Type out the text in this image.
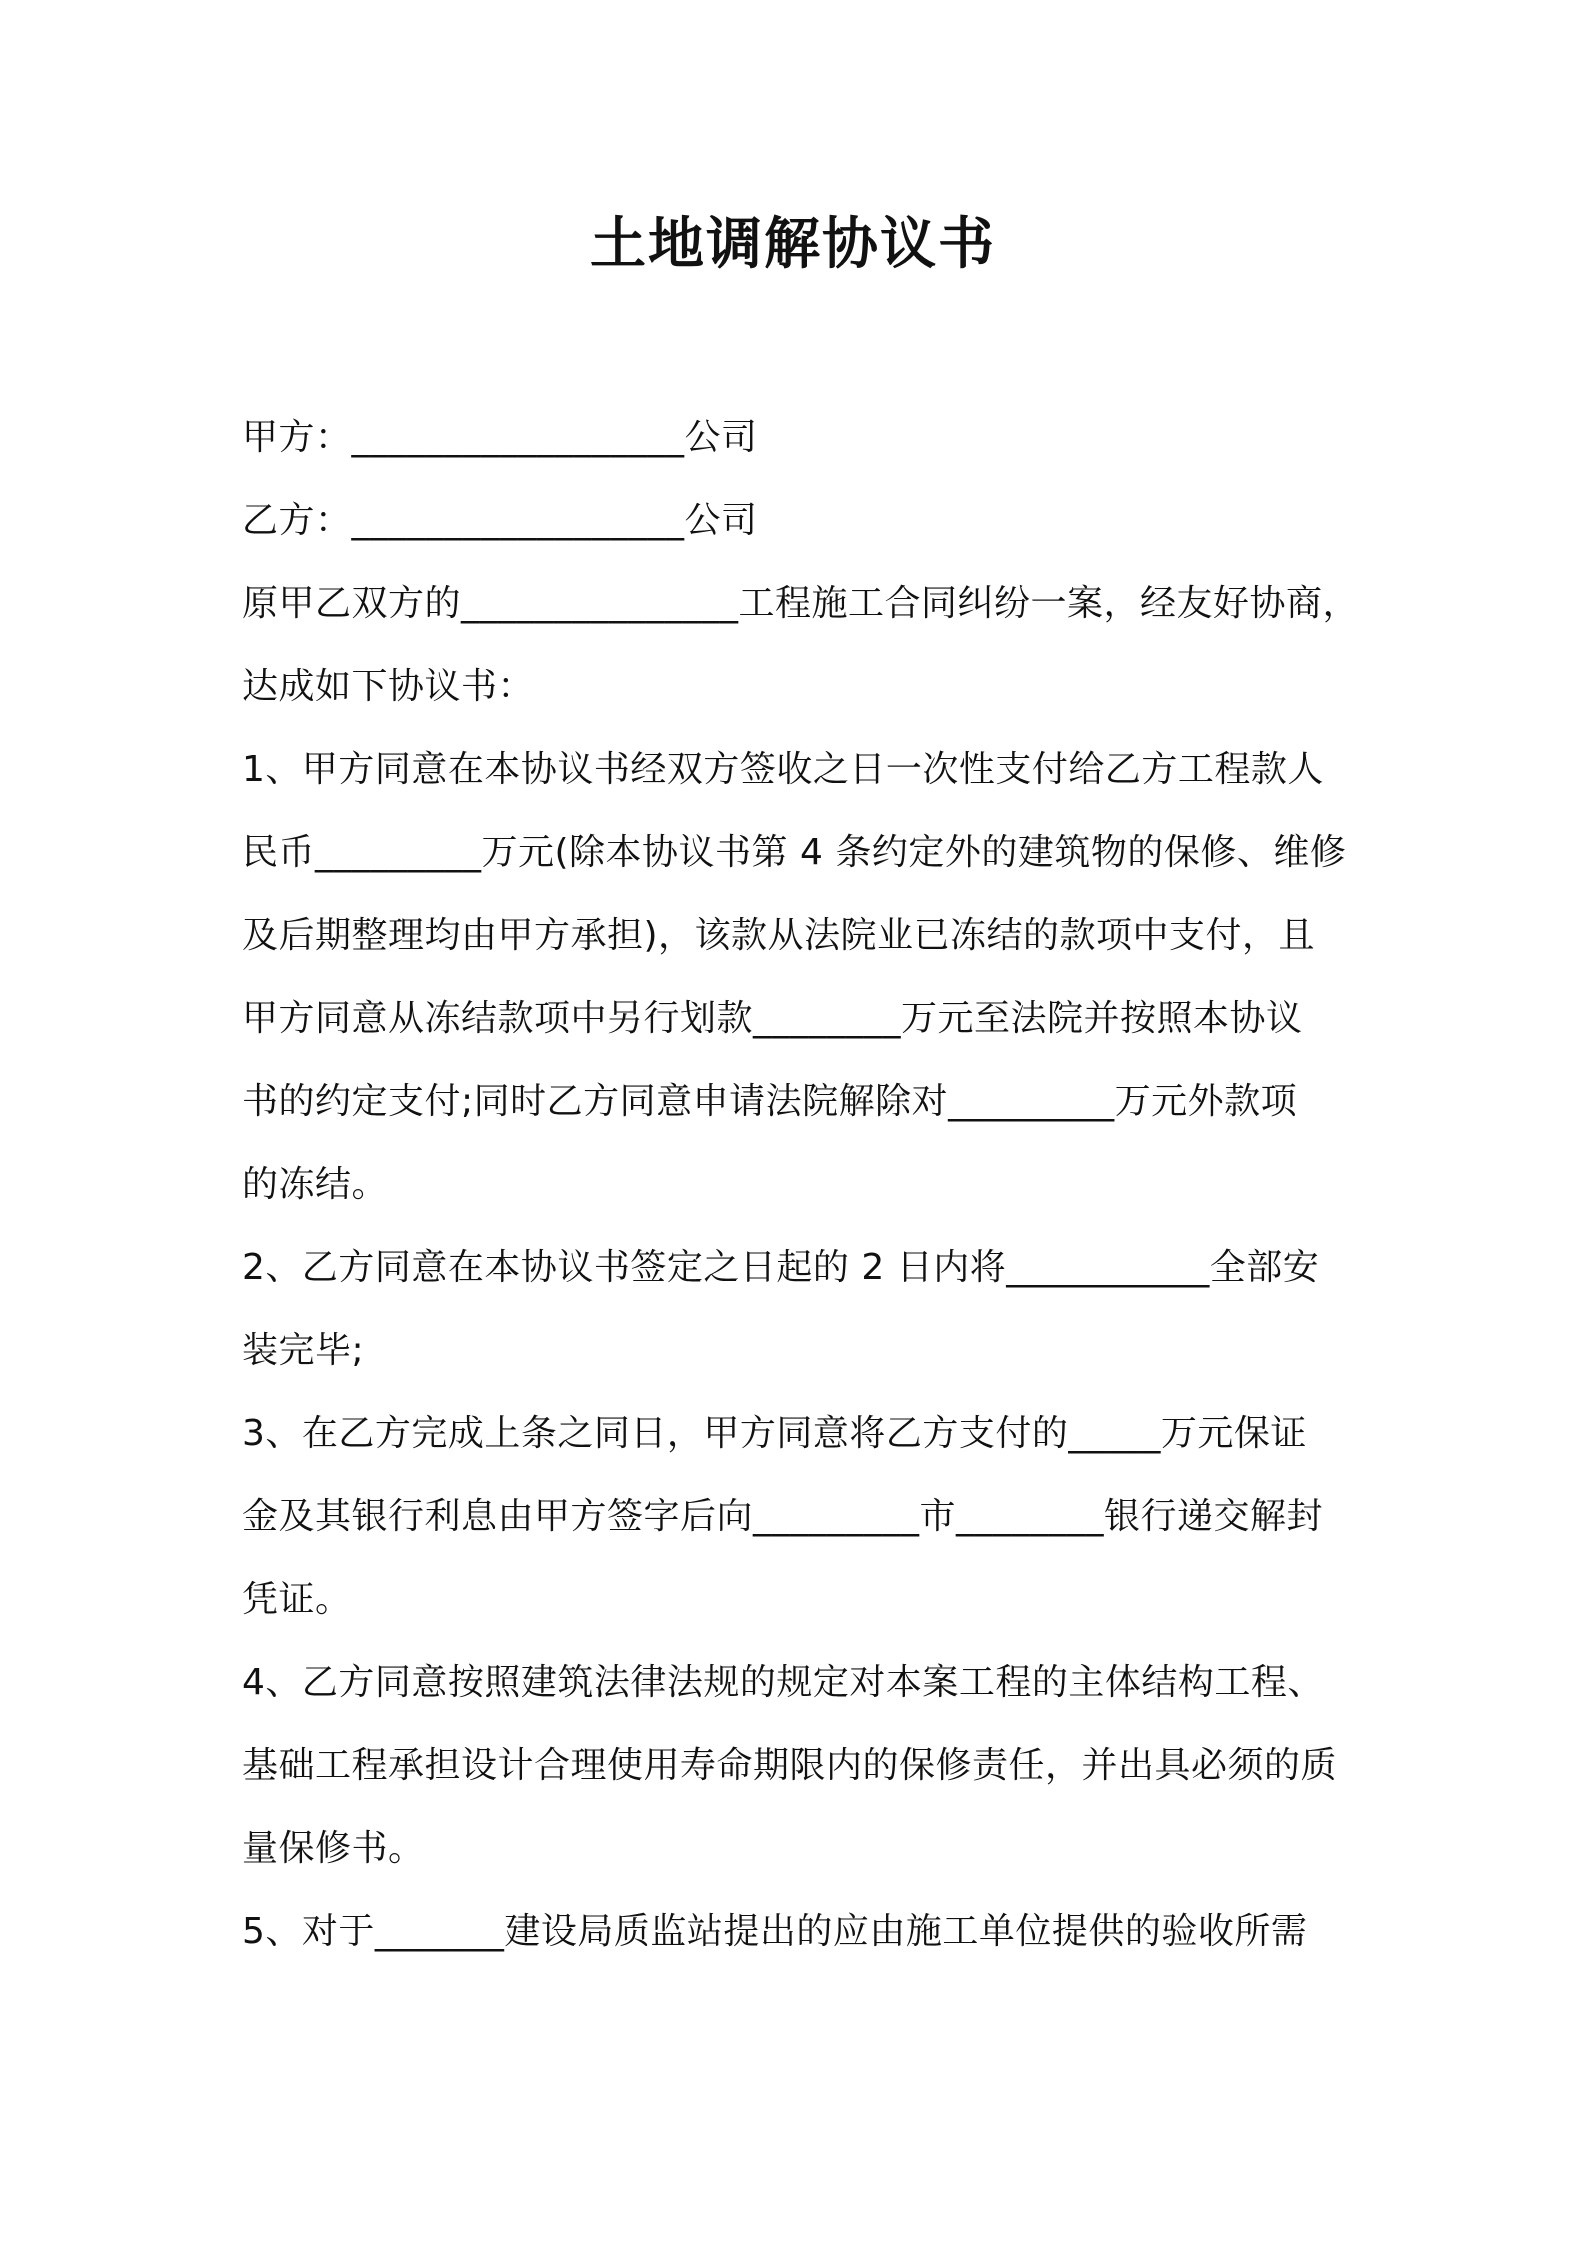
土地调解协议书
甲方：__________________公司
乙方：__________________公司
原甲乙双方的_______________工程施工合同纠纷一案，经友好协商，
达成如下协议书：
1、甲方同意在本协议书经双方签收之日一次性支付给乙方工程款人
民币_________万元(除本协议书第 4 条约定外的建筑物的保修、维修
及后期整理均由甲方承担)，该款从法院业已冻结的款项中支付，且
甲方同意从冻结款项中另行划款________万元至法院并按照本协议
书的约定支付;同时乙方同意申请法院解除对_________万元外款项
的冻结。
2、乙方同意在本协议书签定之日起的 2 日内将___________全部安
装完毕;
3、在乙方完成上条之同日，甲方同意将乙方支付的_____万元保证
金及其银行利息由甲方签字后向_________市________银行递交解封
凭证。
4、乙方同意按照建筑法律法规的规定对本案工程的主体结构工程、
基础工程承担设计合理使用寿命期限内的保修责任，并出具必须的质
量保修书。
5、对于_______建设局质监站提出的应由施工单位提供的验收所需
